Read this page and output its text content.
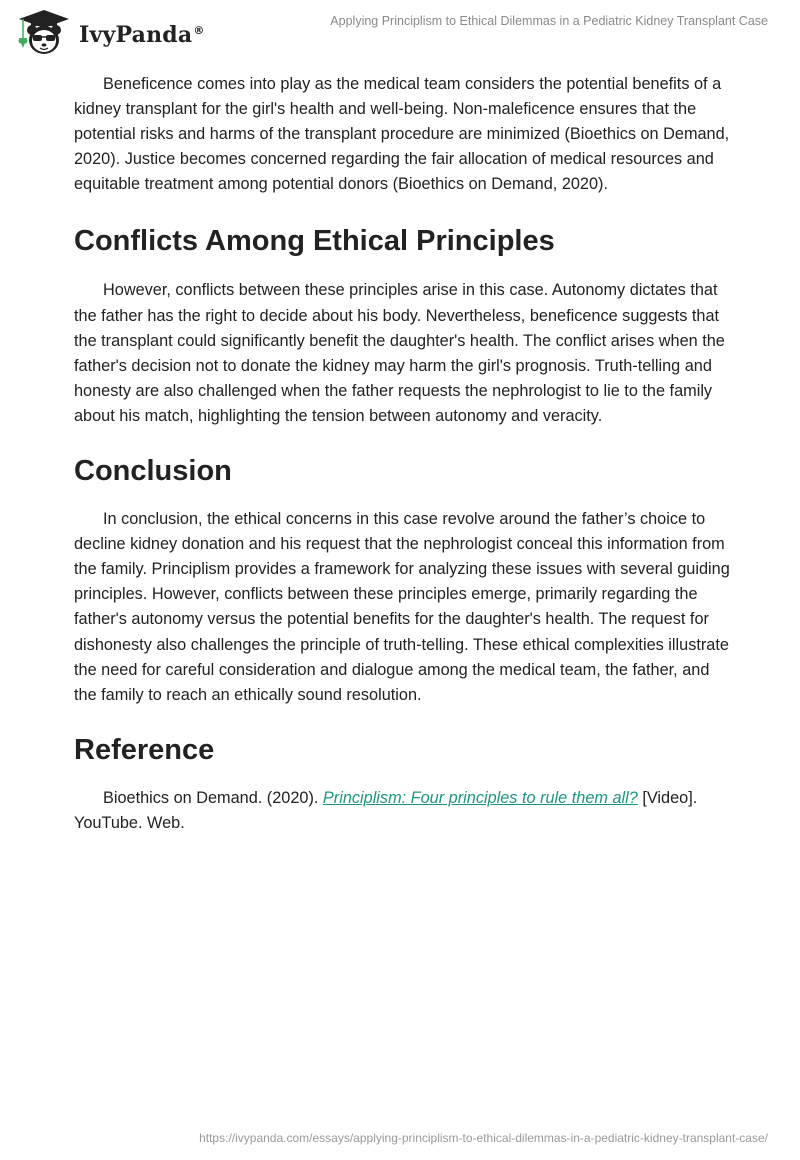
IvyPanda®
Applying Principlism to Ethical Dilemmas in a Pediatric Kidney Transplant Case

Beneficence comes into play as the medical team considers the potential benefits of a kidney transplant for the girl's health and well-being. Non-maleficence ensures that the potential risks and harms of the transplant procedure are minimized (Bioethics on Demand, 2020). Justice becomes concerned regarding the fair allocation of medical resources and equitable treatment among potential donors (Bioethics on Demand, 2020).

Conflicts Among Ethical Principles

However, conflicts between these principles arise in this case. Autonomy dictates that the father has the right to decide about his body. Nevertheless, beneficence suggests that the transplant could significantly benefit the daughter's health. The conflict arises when the father's decision not to donate the kidney may harm the girl's prognosis. Truth-telling and honesty are also challenged when the father requests the nephrologist to lie to the family about his match, highlighting the tension between autonomy and veracity.

Conclusion

In conclusion, the ethical concerns in this case revolve around the father’s choice to decline kidney donation and his request that the nephrologist conceal this information from the family. Principlism provides a framework for analyzing these issues with several guiding principles. However, conflicts between these principles emerge, primarily regarding the father's autonomy versus the potential benefits for the daughter's health. The request for dishonesty also challenges the principle of truth-telling. These ethical complexities illustrate the need for careful consideration and dialogue among the medical team, the father, and the family to reach an ethically sound resolution.

Reference

Bioethics on Demand. (2020). Principlism: Four principles to rule them all? [Video]. YouTube. Web.

https://ivypanda.com/essays/applying-principlism-to-ethical-dilemmas-in-a-pediatric-kidney-transplant-case/
